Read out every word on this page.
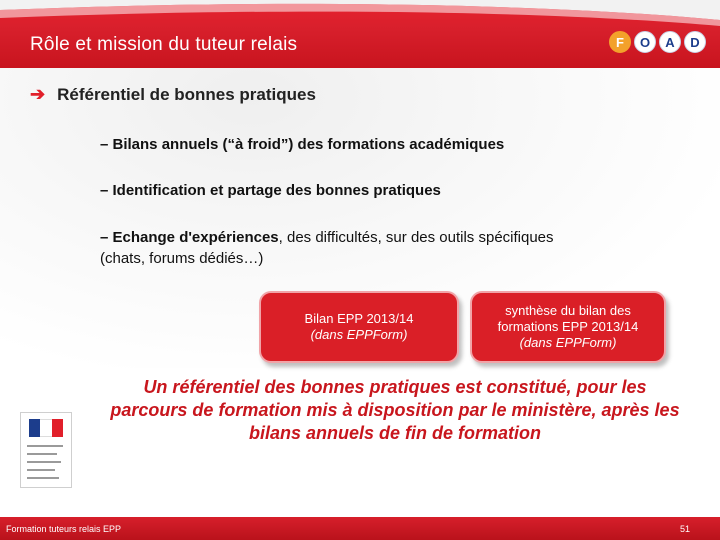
Rôle et mission du tuteur relais	F	O	A	D
➔ Référentiel de bonnes pratiques
– Bilans annuels (“à froid”) des formations académiques
– Identification et partage des bonnes pratiques
– Echange d'expériences, des difficultés, sur des outils spécifiques
(chats, forums dédiés…)
Bilan EPP 2013/14
(dans EPPForm)
synthèse du bilan des
formations EPP 2013/14
(dans EPPForm)
Un référentiel des bonnes pratiques est constitué, pour les parcours de formation mis à disposition par le ministère, après les bilans annuels de fin de formation
Formation tuteurs relais EPP	51
